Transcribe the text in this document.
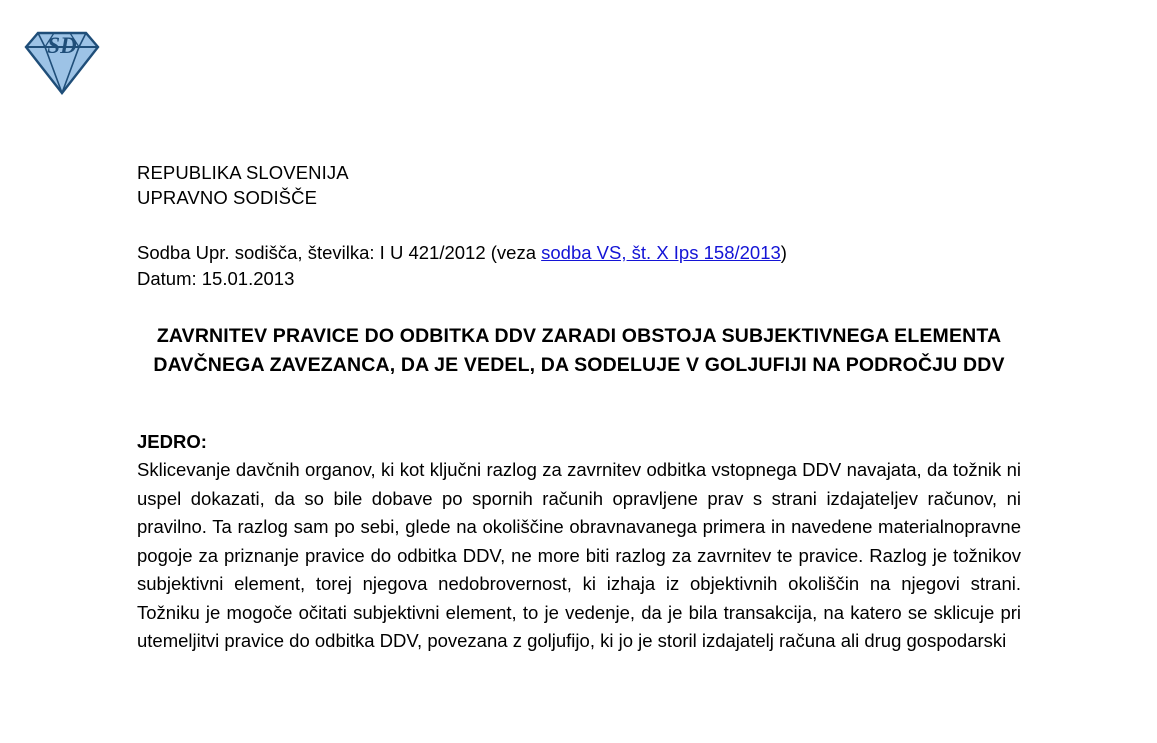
SD
REPUBLIKA SLOVENIJA
UPRAVNO SODIŠČE
Sodba Upr. sodišča, številka: I U 421/2012 (veza sodba VS, št. X Ips 158/2013)
Datum: 15.01.2013
ZAVRNITEV PRAVICE DO ODBITKA DDV ZARADI OBSTOJA SUBJEKTIVNEGA ELEMENTA DAVČNEGA ZAVEZANCA, DA JE VEDEL, DA SODELUJE V GOLJUFIJI NA PODROČJU DDV
JEDRO:
Sklicevanje davčnih organov, ki kot ključni razlog za zavrnitev odbitka vstopnega DDV navajata, da tožnik ni uspel dokazati, da so bile dobave po spornih računih opravljene prav s strani izdajateljev računov, ni pravilno. Ta razlog sam po sebi, glede na okoliščine obravnavanega primera in navedene materialnopravne pogoje za priznanje pravice do odbitka DDV, ne more biti razlog za zavrnitev te pravice. Razlog je tožnikov subjektivni element, torej njegova nedobrovernost, ki izhaja iz objektivnih okoliščin na njegovi strani. Tožniku je mogoče očitati subjektivni element, to je vedenje, da je bila transakcija, na katero se sklicuje pri utemeljitvi pravice do odbitka DDV, povezana z goljufijo, ki jo je storil izdajatelj računa ali drug gospodarski
